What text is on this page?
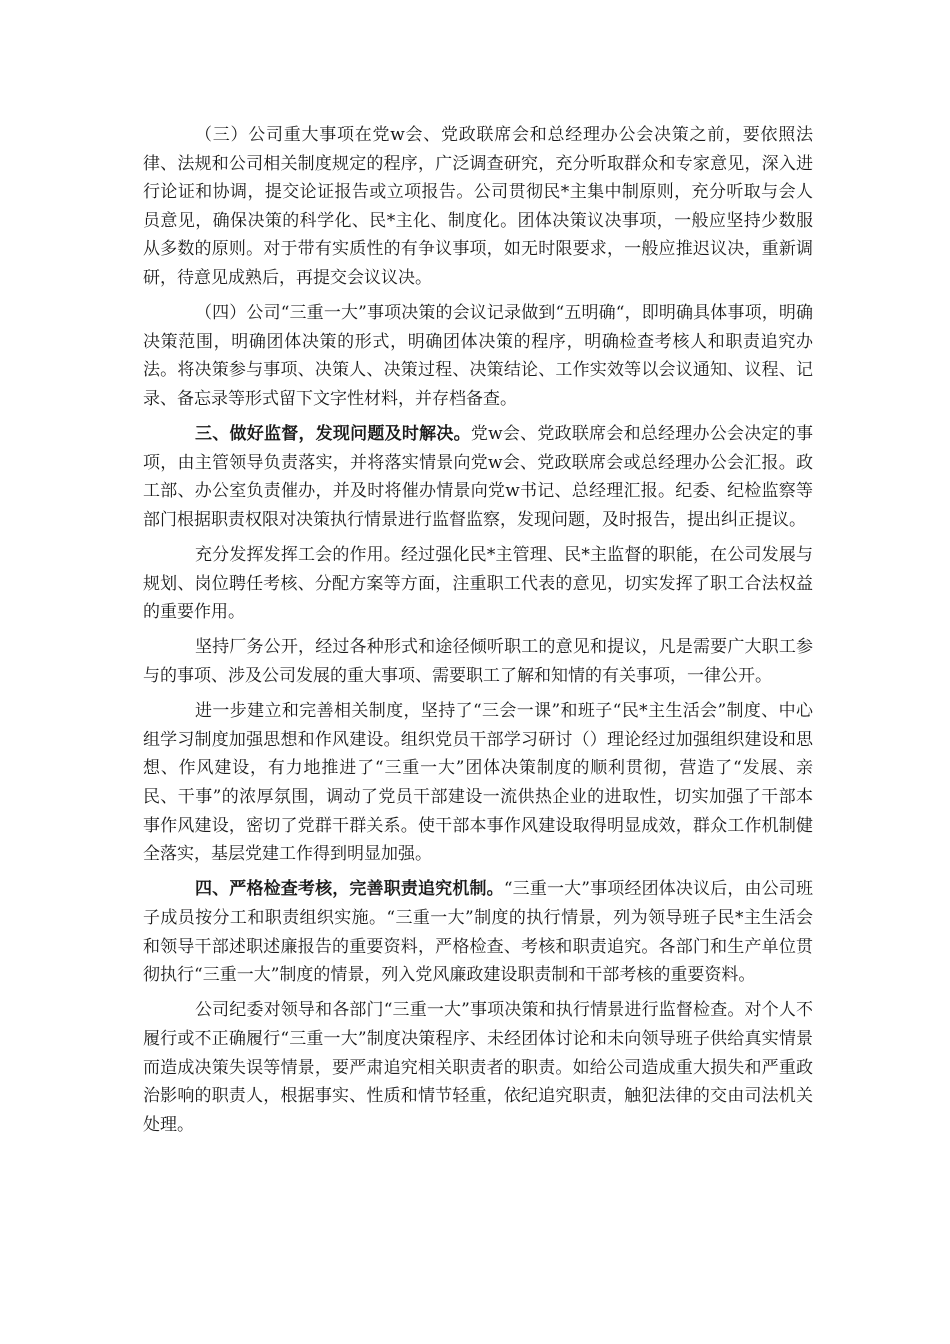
（三）公司重大事项在党w会、党政联席会和总经理办公会决策之前，要依照法律、法规和公司相关制度规定的程序，广泛调查研究，充分听取群众和专家意见，深入进行论证和协调，提交论证报告或立项报告。公司贯彻民*主集中制原则，充分听取与会人员意见，确保决策的科学化、民*主化、制度化。团体决策议决事项，一般应坚持少数服从多数的原则。对于带有实质性的有争议事项，如无时限要求，一般应推迟议决，重新调研，待意见成熟后，再提交会议议决。

（四）公司“三重一大”事项决策的会议记录做到“五明确“，即明确具体事项，明确决策范围，明确团体决策的形式，明确团体决策的程序，明确检查考核人和职责追究办法。将决策参与事项、决策人、决策过程、决策结论、工作实效等以会议通知、议程、记录、备忘录等形式留下文字性材料，并存档备查。

三、做好监督，发现问题及时解决。党w会、党政联席会和总经理办公会决定的事项，由主管领导负责落实，并将落实情景向党w会、党政联席会或总经理办公会汇报。政工部、办公室负责催办，并及时将催办情景向党w书记、总经理汇报。纪委、纪检监察等部门根据职责权限对决策执行情景进行监督监察，发现问题，及时报告，提出纠正提议。

充分发挥发挥工会的作用。经过强化民*主管理、民*主监督的职能，在公司发展与规划、岗位聘任考核、分配方案等方面，注重职工代表的意见，切实发挥了职工合法权益的重要作用。

坚持厂务公开，经过各种形式和途径倾听职工的意见和提议，凡是需要广大职工参与的事项、涉及公司发展的重大事项、需要职工了解和知情的有关事项，一律公开。

进一步建立和完善相关制度，坚持了“三会一课”和班子“民*主生活会”制度、中心组学习制度加强思想和作风建设。组织党员干部学习研讨（）理论经过加强组织建设和思想、作风建设，有力地推进了“三重一大”团体决策制度的顺利贯彻，营造了“发展、亲民、干事”的浓厚氛围，调动了党员干部建设一流供热企业的进取性，切实加强了干部本事作风建设，密切了党群干群关系。使干部本事作风建设取得明显成效，群众工作机制健全落实，基层党建工作得到明显加强。

四、严格检查考核，完善职责追究机制。“三重一大”事项经团体决议后，由公司班子成员按分工和职责组织实施。“三重一大”制度的执行情景，列为领导班子民*主生活会和领导干部述职述廉报告的重要资料，严格检查、考核和职责追究。各部门和生产单位贯彻执行“三重一大”制度的情景，列入党风廉政建设职责制和干部考核的重要资料。

公司纪委对领导和各部门“三重一大”事项决策和执行情景进行监督检查。对个人不履行或不正确履行“三重一大”制度决策程序、未经团体讨论和未向领导班子供给真实情景而造成决策失误等情景，要严肃追究相关职责者的职责。如给公司造成重大损失和严重政治影响的职责人，根据事实、性质和情节轻重，依纪追究职责，触犯法律的交由司法机关处理。
